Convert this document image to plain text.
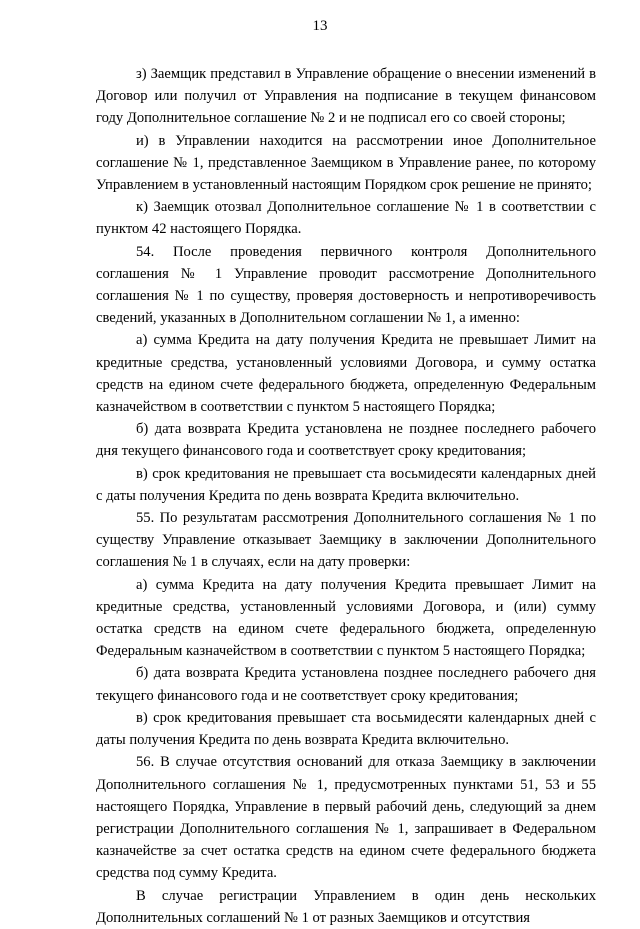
13

з) Заемщик представил в Управление обращение о внесении изменений в Договор или получил от Управления на подписание в текущем финансовом году Дополнительное соглашение № 2 и не подписал его со своей стороны;

и) в Управлении находится на рассмотрении иное Дополнительное соглашение № 1, представленное Заемщиком в Управление ранее, по которому Управлением в установленный настоящим Порядком срок решение не принято;

к) Заемщик отозвал Дополнительное соглашение № 1 в соответствии с пунктом 42 настоящего Порядка.

54. После проведения первичного контроля Дополнительного соглашения № 1 Управление проводит рассмотрение Дополнительного соглашения № 1 по существу, проверяя достоверность и непротиворечивость сведений, указанных в Дополнительном соглашении № 1, а именно:

а) сумма Кредита на дату получения Кредита не превышает Лимит на кредитные средства, установленный условиями Договора, и сумму остатка средств на едином счете федерального бюджета, определенную Федеральным казначейством в соответствии с пунктом 5 настоящего Порядка;

б) дата возврата Кредита установлена не позднее последнего рабочего дня текущего финансового года и соответствует сроку кредитования;

в) срок кредитования не превышает ста восьмидесяти календарных дней с даты получения Кредита по день возврата Кредита включительно.

55. По результатам рассмотрения Дополнительного соглашения № 1 по существу Управление отказывает Заемщику в заключении Дополнительного соглашения № 1 в случаях, если на дату проверки:

а) сумма Кредита на дату получения Кредита превышает Лимит на кредитные средства, установленный условиями Договора, и (или) сумму остатка средств на едином счете федерального бюджета, определенную Федеральным казначейством в соответствии с пунктом 5 настоящего Порядка;

б) дата возврата Кредита установлена позднее последнего рабочего дня текущего финансового года и не соответствует сроку кредитования;

в) срок кредитования превышает ста восьмидесяти календарных дней с даты получения Кредита по день возврата Кредита включительно.

56. В случае отсутствия оснований для отказа Заемщику в заключении Дополнительного соглашения № 1, предусмотренных пунктами 51, 53 и 55 настоящего Порядка, Управление в первый рабочий день, следующий за днем регистрации Дополнительного соглашения № 1, запрашивает в Федеральном казначействе за счет остатка средств на едином счете федерального бюджета средства под сумму Кредита.

В случае регистрации Управлением в один день нескольких Дополнительных соглашений № 1 от разных Заемщиков и отсутствия
